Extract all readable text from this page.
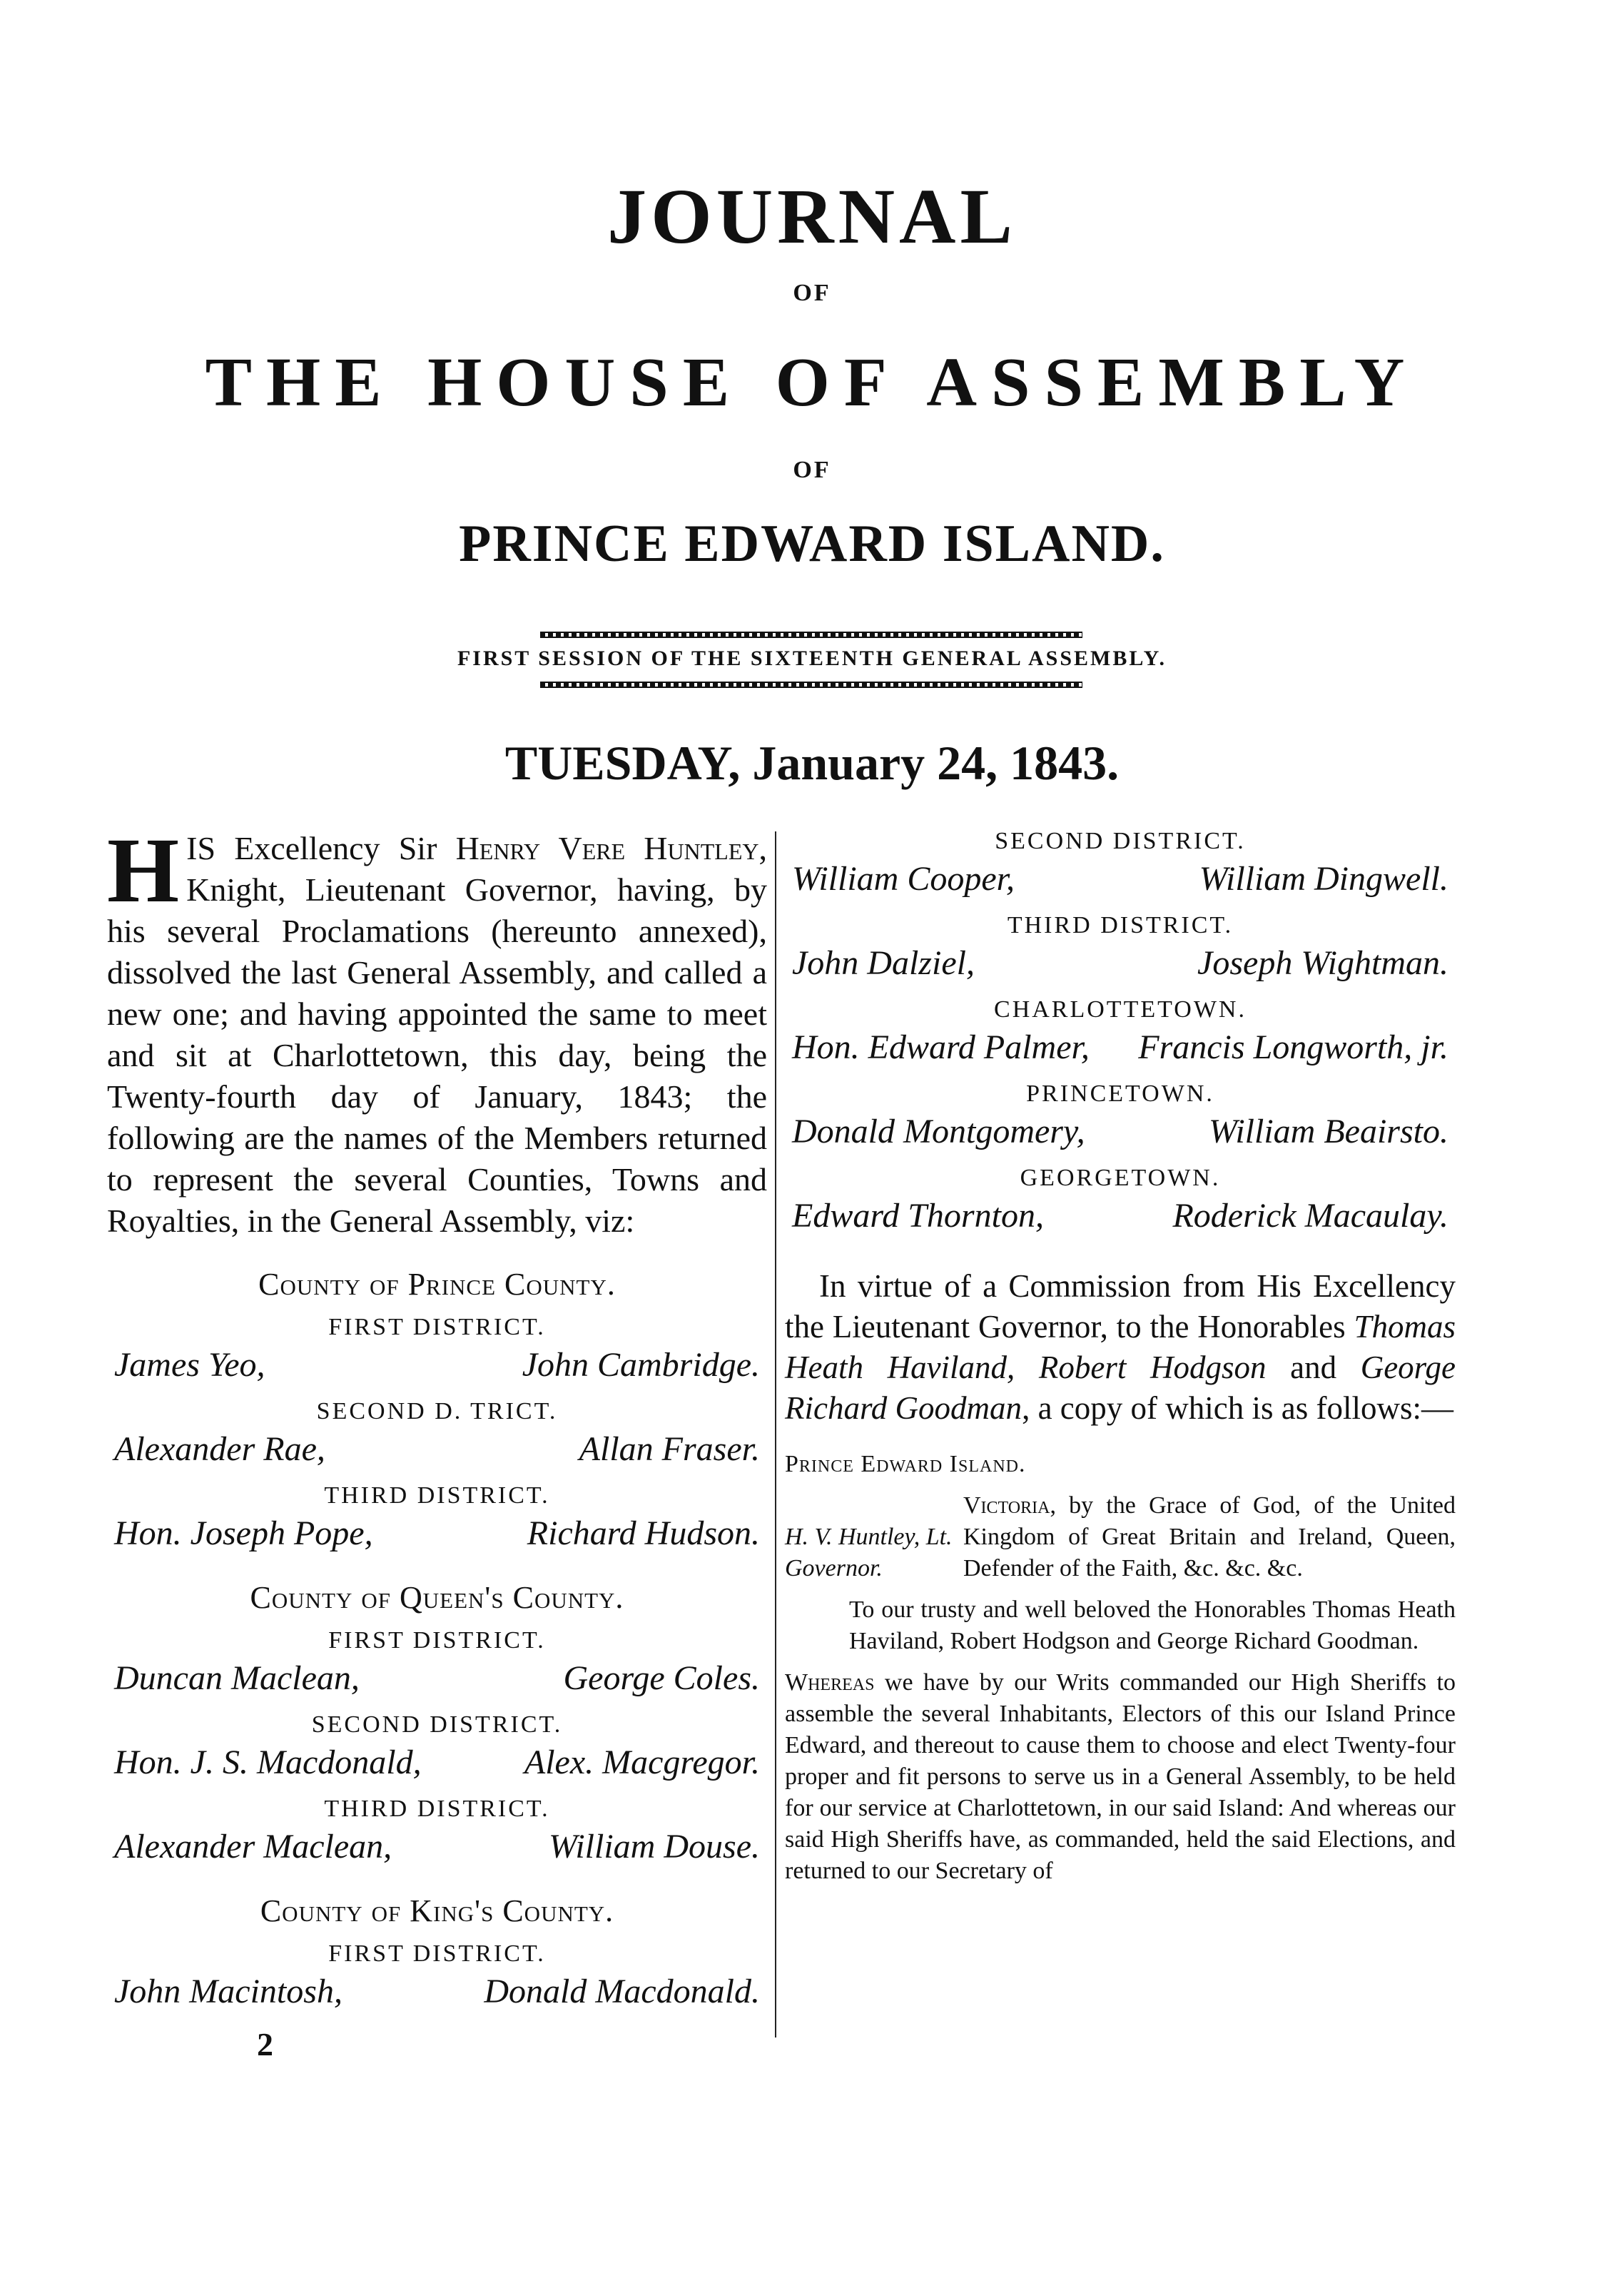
JOURNAL
OF
THE HOUSE OF ASSEMBLY
OF
PRINCE EDWARD ISLAND.
FIRST SESSION OF THE SIXTEENTH GENERAL ASSEMBLY.
TUESDAY, January 24, 1843.

HIS Excellency Sir Henry Vere Huntley, Knight, Lieutenant Governor, having, by his several Proclamations (hereunto annexed), dissolved the last General Assembly, and called a new one; and having appointed the same to meet and sit at Charlottetown, this day, being the Twenty-fourth day of January, 1843; the following are the names of the Members returned to represent the several Counties, Towns and Royalties, in the General Assembly, viz:

County of Prince County.
FIRST DISTRICT.
James Yeo,	John Cambridge.
SECOND D. TRICT.
Alexander Rae,	Allan Fraser.
THIRD DISTRICT.
Hon. Joseph Pope,	Richard Hudson.
County of Queen's County.
FIRST DISTRICT.
Duncan Maclean,	George Coles.
SECOND DISTRICT.
Hon. J. S. Macdonald,	Alex. Macgregor.
THIRD DISTRICT.
Alexander Maclean,	William Douse.
County of King's County.
FIRST DISTRICT.
John Macintosh,	Donald Macdonald.
SECOND DISTRICT.
William Cooper,	William Dingwell.
THIRD DISTRICT.
John Dalziel,	Joseph Wightman.
CHARLOTTETOWN.
Hon. Edward Palmer, Francis Longworth, jr.
PRINCETOWN.
Donald Montgomery,	William Beairsto.
GEORGETOWN.
Edward Thornton,	Roderick Macaulay.

In virtue of a Commission from His Excellency the Lieutenant Governor, to the Honorables Thomas Heath Haviland, Robert Hodgson and George Richard Goodman, a copy of which is as follows:—

Prince Edward Island.
H. V. Huntley, Lt. Governor.
Victoria, by the Grace of God, of the United Kingdom of Great Britain and Ireland, Queen, Defender of the Faith, &c. &c. &c.
To our trusty and well beloved the Honorables Thomas Heath Haviland, Robert Hodgson and George Richard Goodman.
Whereas we have by our Writs commanded our High Sheriffs to assemble the several Inhabitants, Electors of this our Island Prince Edward, and thereout to cause them to choose and elect Twenty-four proper and fit persons to serve us in a General Assembly, to be held for our service at Charlottetown, in our said Island: And whereas our said High Sheriffs have, as commanded, held the said Elections, and returned to our Secretary of
2
